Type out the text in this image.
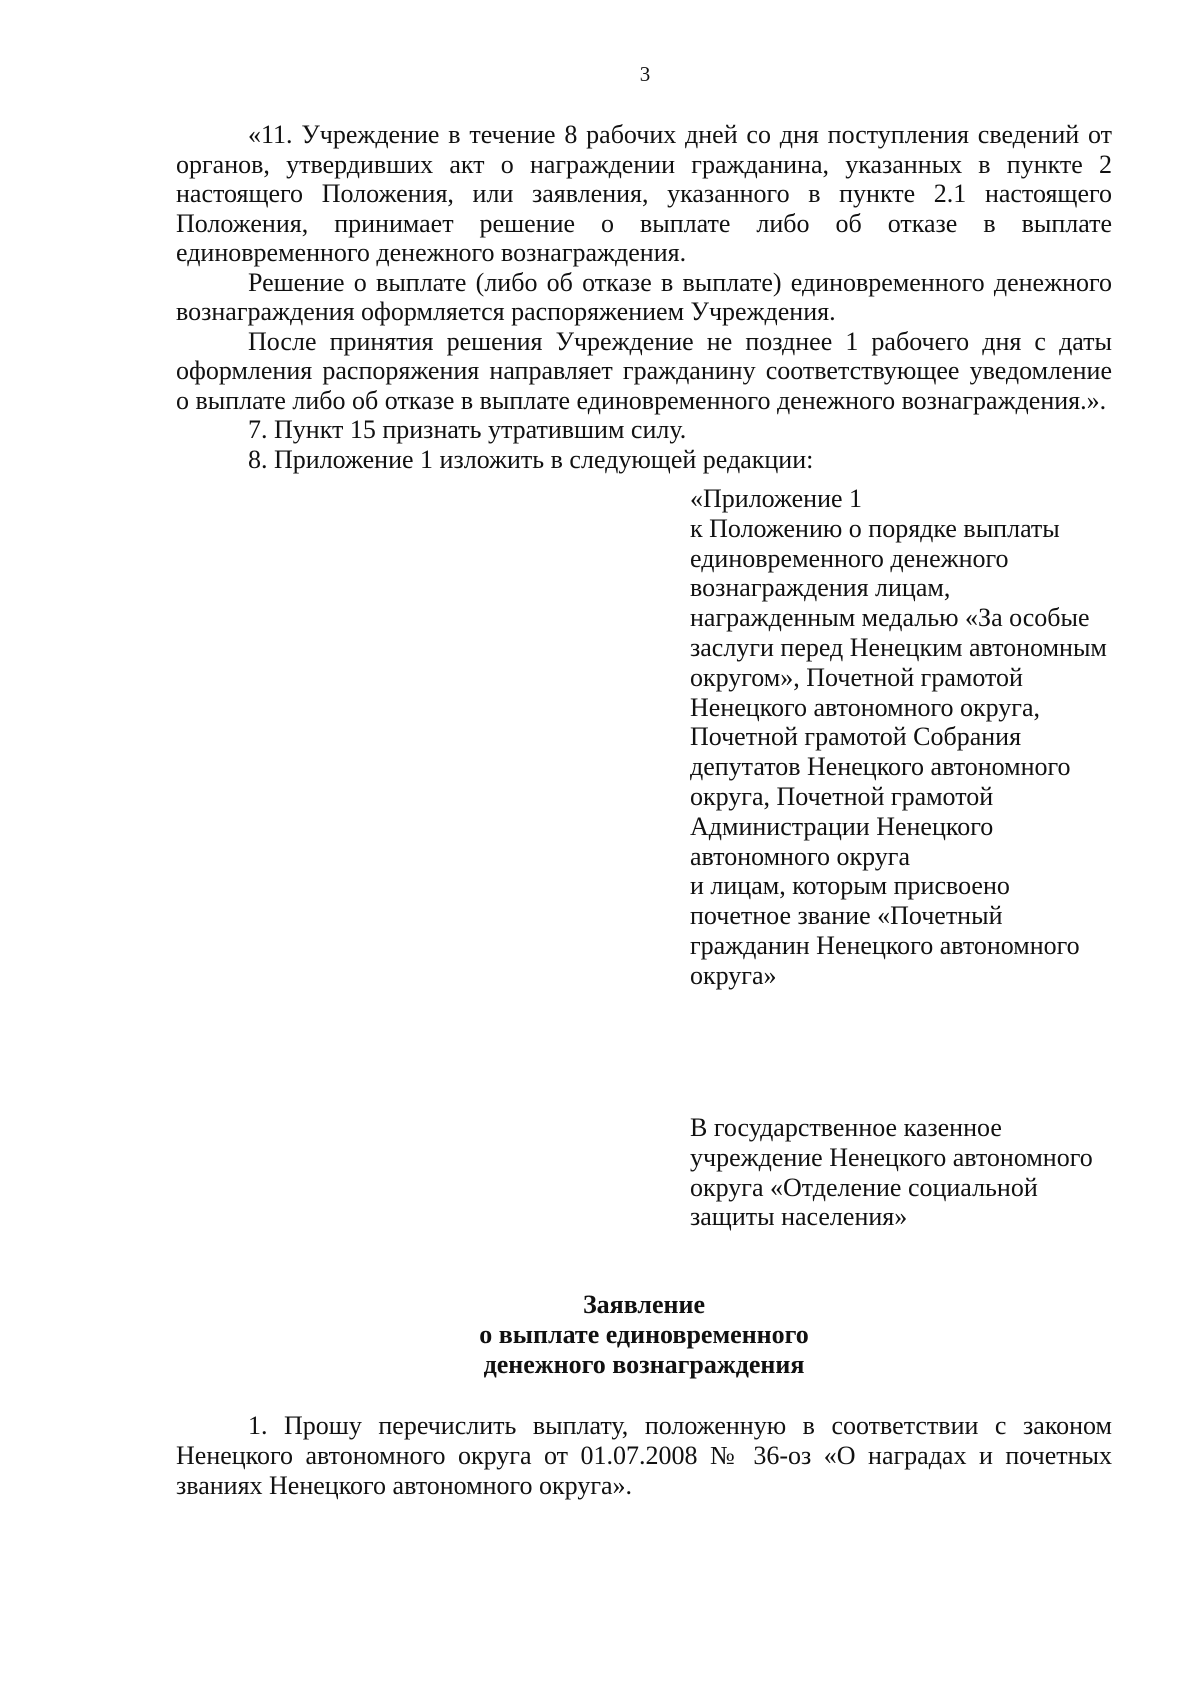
3

«11. Учреждение в течение 8 рабочих дней со дня поступления сведений от органов, утвердивших акт о награждении гражданина, указанных в пункте 2 настоящего Положения, или заявления, указанного в пункте 2.1 настоящего Положения, принимает решение о выплате либо об отказе в выплате единовременного денежного вознаграждения.

Решение о выплате (либо об отказе в выплате) единовременного денежного вознаграждения оформляется распоряжением Учреждения.

После принятия решения Учреждение не позднее 1 рабочего дня с даты оформления распоряжения направляет гражданину соответствующее уведомление о выплате либо об отказе в выплате единовременного денежного вознаграждения.».

7. Пункт 15 признать утратившим силу.

8. Приложение 1 изложить в следующей редакции:

«Приложение 1
к Положению о порядке выплаты
единовременного денежного
вознаграждения лицам,
награжденным медалью «За особые
заслуги перед Ненецким автономным
округом», Почетной грамотой
Ненецкого автономного округа,
Почетной грамотой Собрания
депутатов Ненецкого автономного
округа, Почетной грамотой
Администрации Ненецкого
автономного округа
и лицам, которым присвоено
почетное звание «Почетный
гражданин Ненецкого автономного
округа»
В государственное казенное
учреждение Ненецкого автономного
округа «Отделение социальной
защиты населения»
Заявление
о выплате единовременного
денежного вознаграждения

1. Прошу перечислить выплату, положенную в соответствии с законом Ненецкого автономного округа от 01.07.2008 № 36-оз «О наградах и почетных званиях Ненецкого автономного округа».
